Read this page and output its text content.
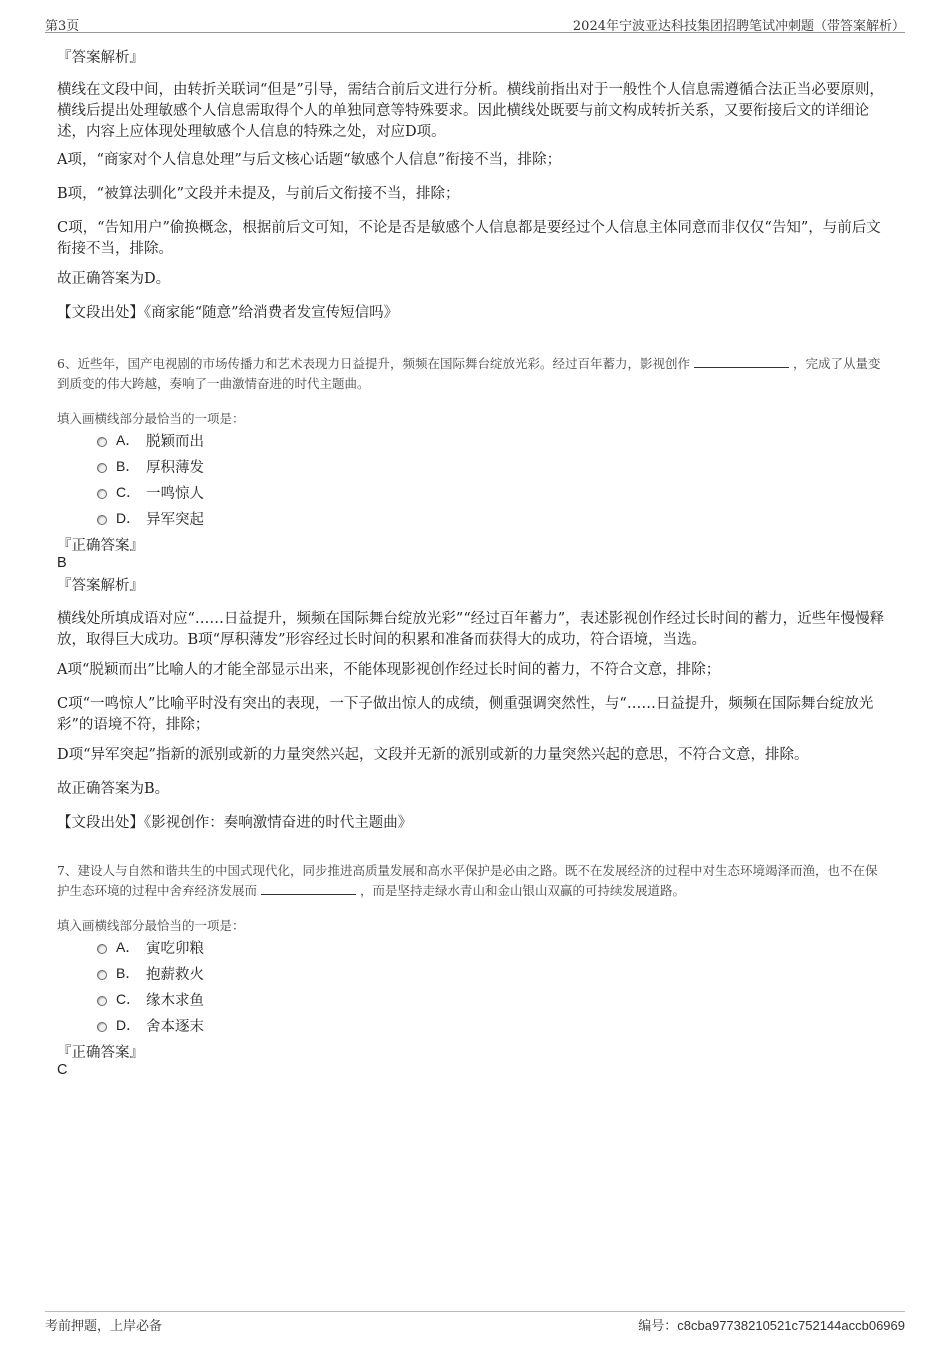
第3页	2024年宁波亚达科技集团招聘笔试冲刺题（带答案解析）
『答案解析』

横线在文段中间，由转折关联词“但是”引导，需结合前后文进行分析。横线前指出对于一般性个人信息需遵循合法正当必要原则，横线后提出处理敏感个人信息需取得个人的单独同意等特殊要求。因此横线处既要与前文构成转折关系，又要衔接后文的详细论述，内容上应体现处理敏感个人信息的特殊之处，对应D项。

A项，“商家对个人信息处理”与后文核心话题“敏感个人信息”衔接不当，排除；

B项，“被算法驯化”文段并未提及，与前后文衔接不当，排除；

C项，“告知用户”偷换概念，根据前后文可知，不论是否是敏感个人信息都是要经过个人信息主体同意而非仅仅“告知”，与前后文衔接不当，排除。

故正确答案为D。

【文段出处】《商家能“随意”给消费者发宣传短信吗》

6、近些年，国产电视剧的市场传播力和艺术表现力日益提升，频频在国际舞台绽放光彩。经过百年蓄力，影视创作	，完成了从量变到质变的伟大跨越，奏响了一曲激情奋进的时代主题曲。

填入画横线部分最恰当的一项是：

A． 脱颖而出
B． 厚积薄发
C． 一鸣惊人
D． 异军突起
『正确答案』
B
『答案解析』

横线处所填成语对应“……日益提升，频频在国际舞台绽放光彩”“经过百年蓄力”，表述影视创作经过长时间的蓄力，近些年慢慢释放，取得巨大成功。B项“厚积薄发”形容经过长时间的积累和准备而获得大的成功，符合语境，当选。

A项“脱颖而出”比喻人的才能全部显示出来，不能体现影视创作经过长时间的蓄力，不符合文意，排除；

C项“一鸣惊人”比喻平时没有突出的表现，一下子做出惊人的成绩，侧重强调突然性，与“……日益提升，频频在国际舞台绽放光彩”的语境不符，排除；

D项“异军突起”指新的派别或新的力量突然兴起，文段并无新的派别或新的力量突然兴起的意思，不符合文意，排除。

故正确答案为B。

【文段出处】《影视创作：奏响激情奋进的时代主题曲》

7、建设人与自然和谐共生的中国式现代化，同步推进高质量发展和高水平保护是必由之路。既不在发展经济的过程中对生态环境竭泽而渔，也不在保护生态环境的过程中舍弃经济发展而	，而是坚持走绿水青山和金山银山双赢的可持续发展道路。

填入画横线部分最恰当的一项是：

A． 寅吃卯粮
B． 抱薪救火
C． 缘木求鱼
D． 舍本逐末
『正确答案』
C
考前押题，上岸必备	编号：c8cba97738210521c752144accb06969
